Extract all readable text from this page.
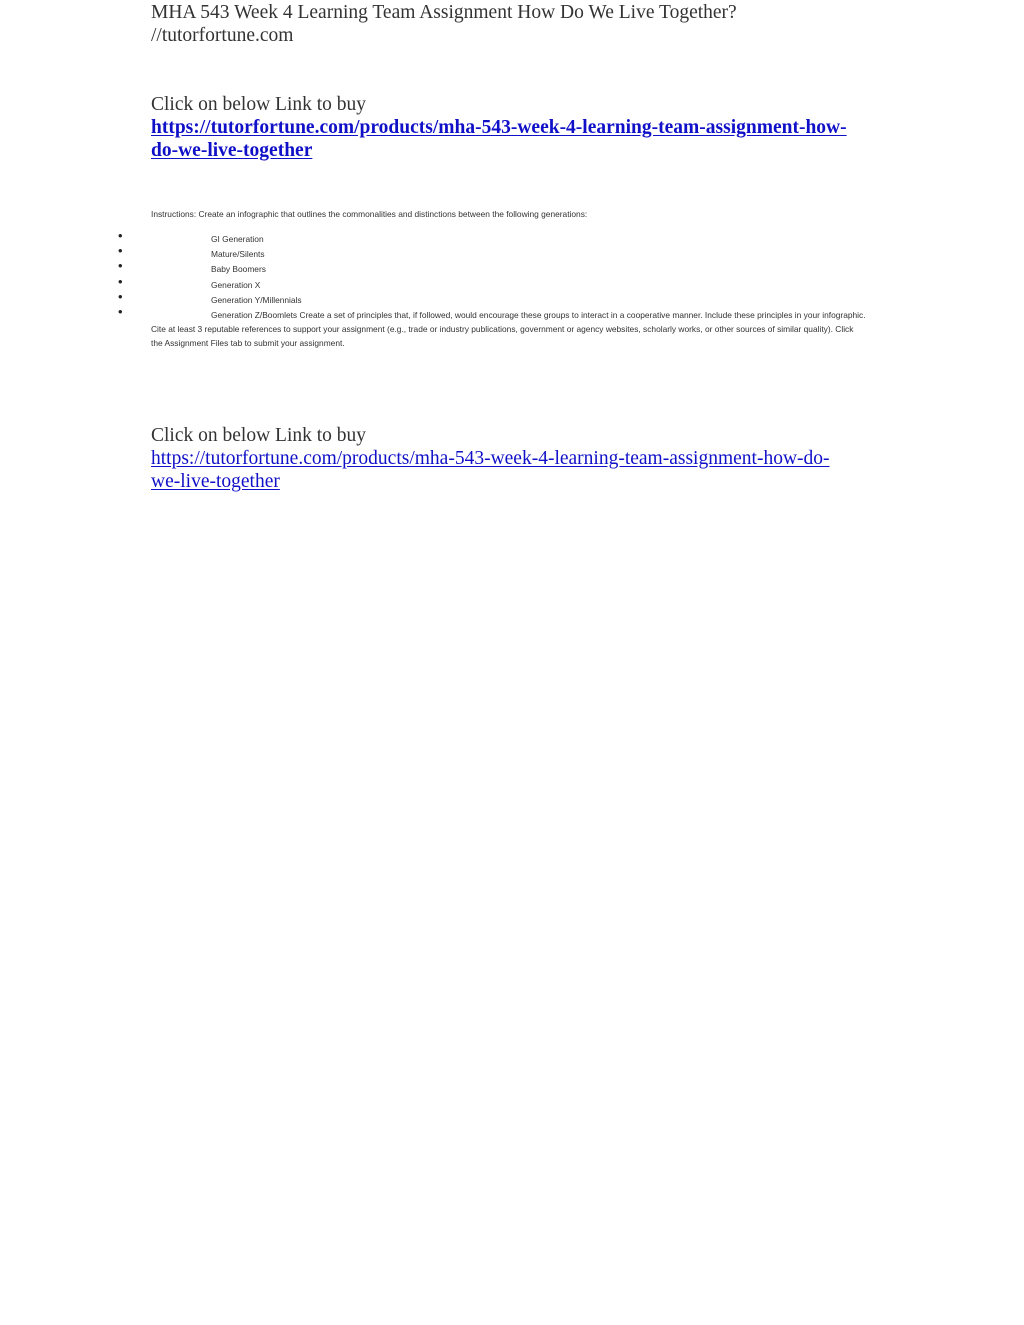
MHA 543 Week 4 Learning Team Assignment How Do We Live Together?
//tutorfortune.com
Click on below Link to buy
https://tutorfortune.com/products/mha-543-week-4-learning-team-assignment-how-
do-we-live-together
Instructions: Create an infographic that outlines the commonalities and distinctions between the following generations:
•	GI Generation
•	Mature/Silents
•	Baby Boomers
•	Generation X
•	Generation Y/Millennials
•	Generation Z/Boomlets Create a set of principles that, if followed, would encourage these groups to interact in a cooperative manner. Include these principles in your infographic. Cite at least 3 reputable references to support your assignment (e.g., trade or industry publications, government or agency websites, scholarly works, or other sources of similar quality). Click the Assignment Files tab to submit your assignment.
Click on below Link to buy
https://tutorfortune.com/products/mha-543-week-4-learning-team-assignment-how-do-
we-live-together
